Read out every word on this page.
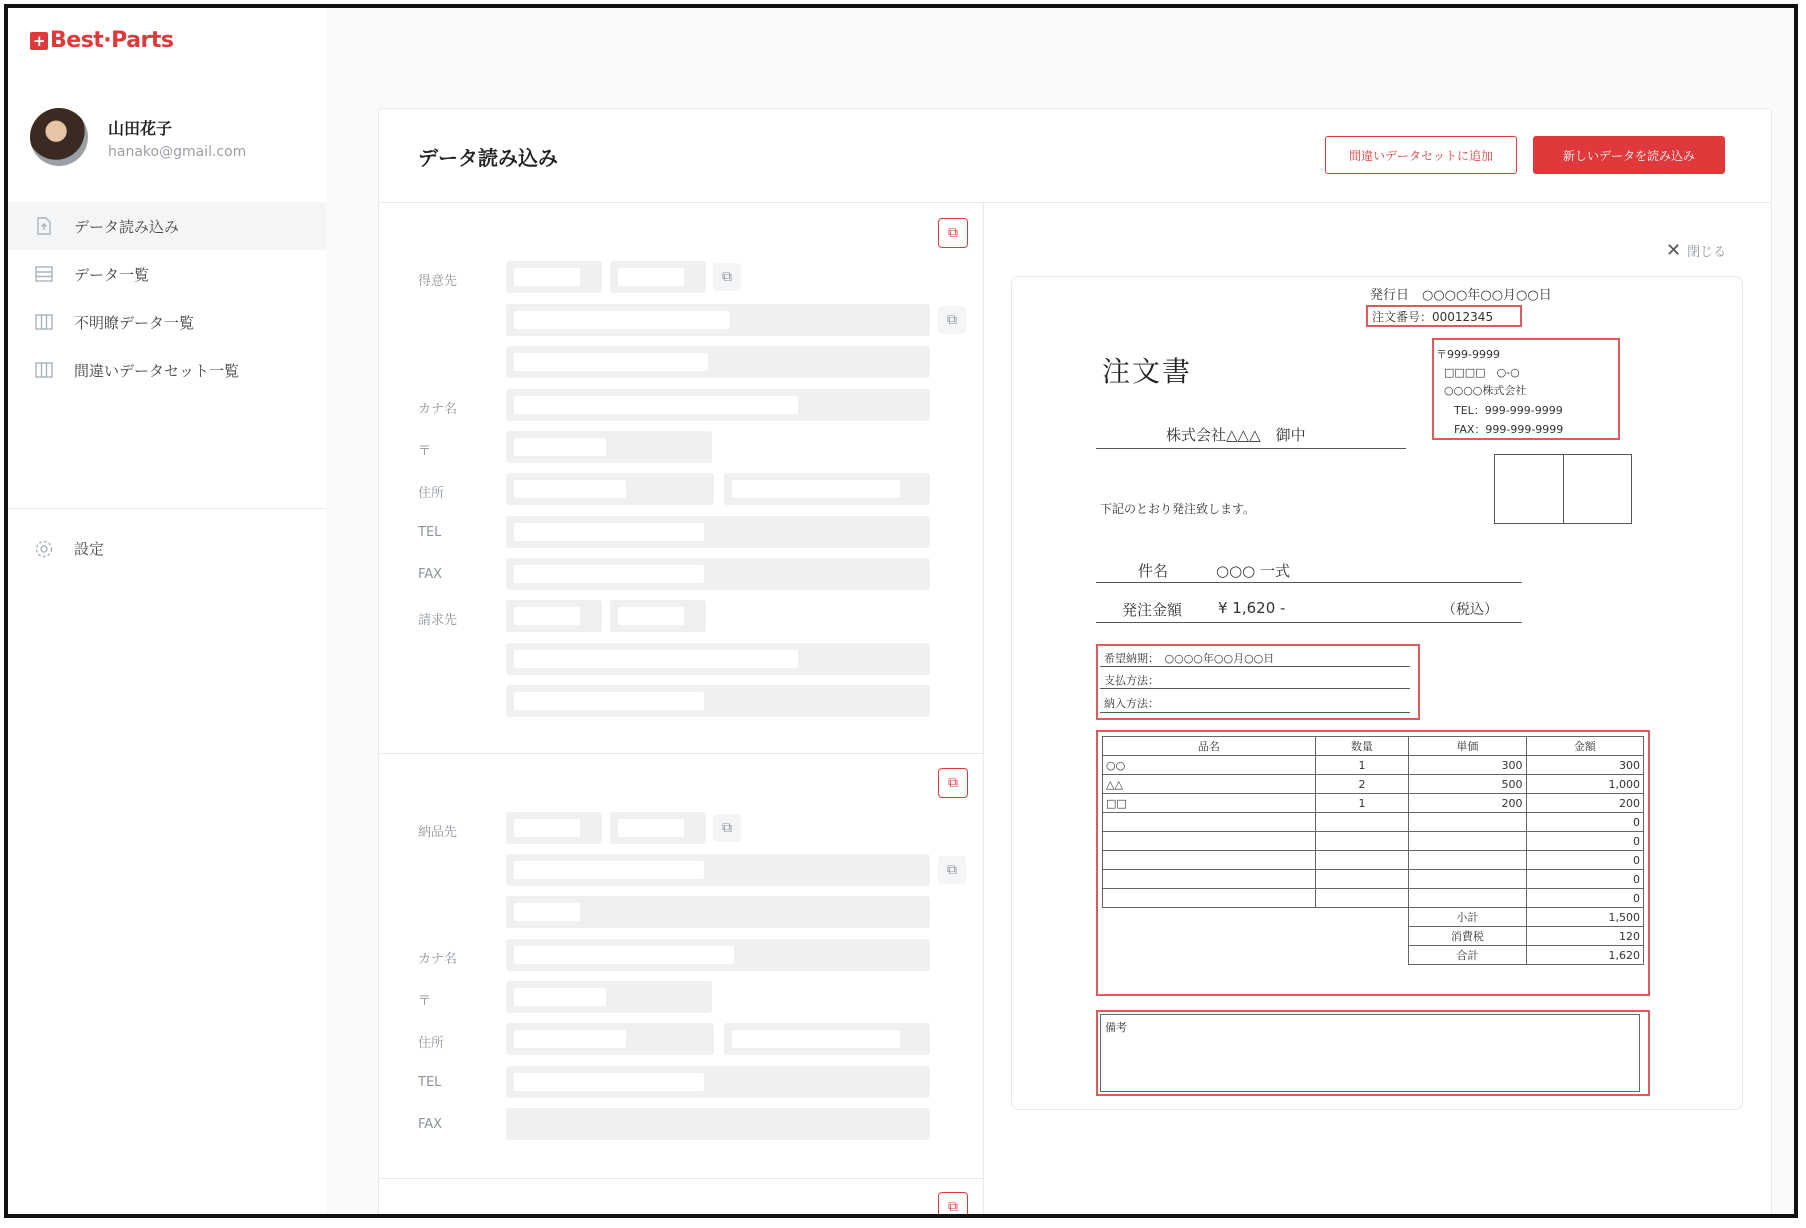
+ Best·Parts
山田花子
hanako@gmail.com
データ読み込み
データ一覧
不明瞭データ一覧
間違いデータセット一覧
設定
データ読み込み	間違いデータセットに追加	新しいデータを読み込み
⧉
得意先	⧉
⧉
カナ名
〒
住所
TEL
FAX
請求先
⧉
納品先	⧉
⧉
カナ名
〒
住所
TEL
FAX
⧉
✕ 閉じる
発行日　○○○○年○○月○○日
注文番号：00012345
注文書
〒999-9999
□□□□　○-○
○○○○株式会社
TEL：999-999-9999
FAX：999-999-9999
株式会社△△△　御中
下記のとおり発注致します。
件名	○○○ 一式
発注金額 ¥ 1,620 -	（税込）
希望納期：　○○○○年○○月○○日
支払方法：
納入方法：
品名	数量	単価	金額
○○	1	300	300
△△	2	500	1,000
□□	1	200	200
			0
			0
			0
			0
			0
		小計	1,500
		消費税	120
		合計	1,620
備考
